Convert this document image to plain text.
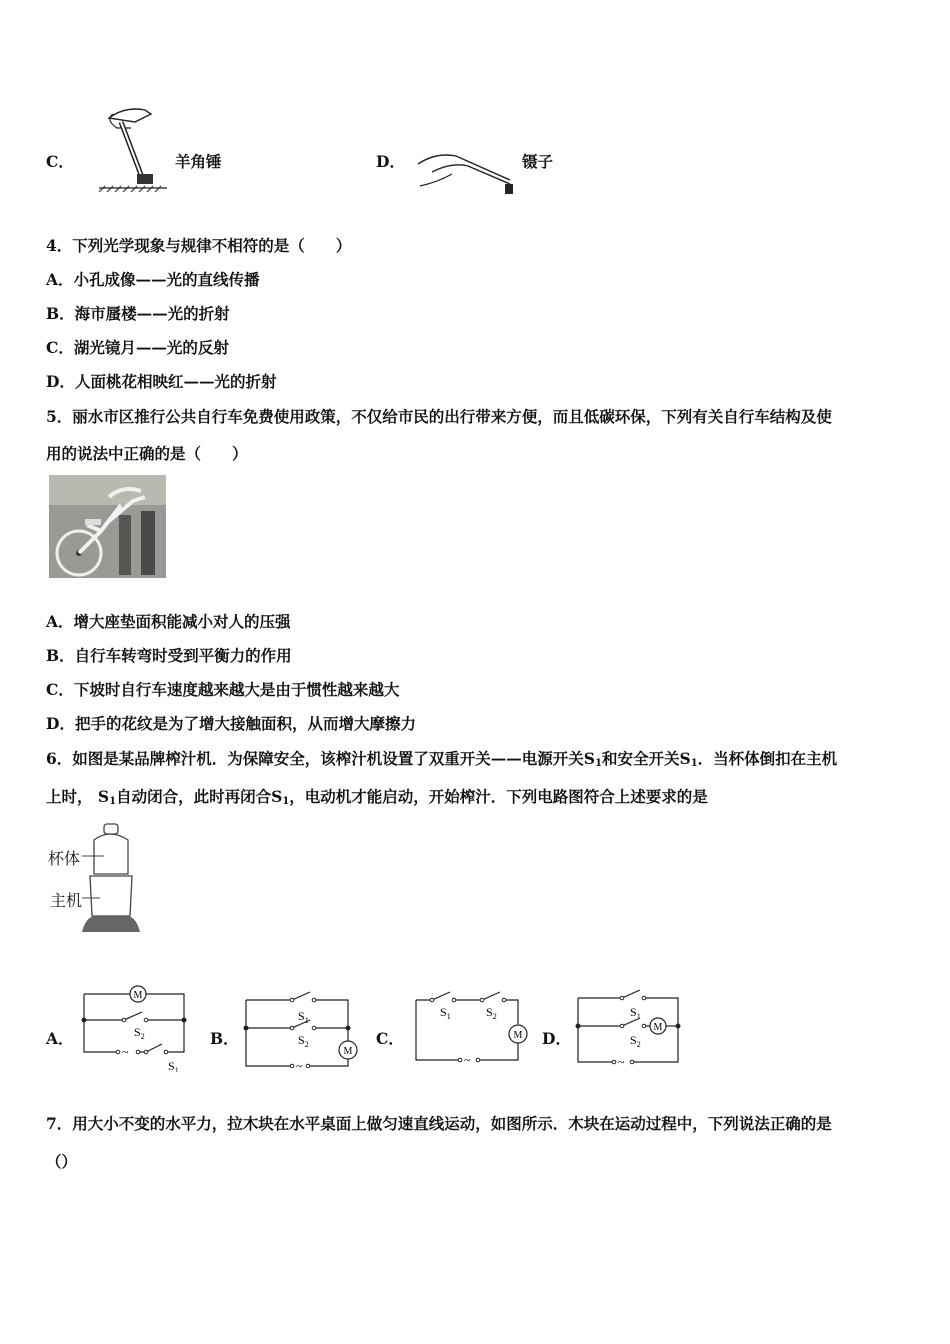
C．	羊角锤	D．	镊子
4．下列光学现象与规律不相符的是（　　）
A．小孔成像——光的直线传播
B．海市蜃楼——光的折射
C．湖光镜月——光的反射
D．人面桃花相映红——光的折射
5．丽水市区推行公共自行车免费使用政策，不仅给市民的出行带来方便，而且低碳环保，下列有关自行车结构及使
用的说法中正确的是（　　）
A．增大座垫面积能减小对人的压强
B．自行车转弯时受到平衡力的作用
C．下坡时自行车速度越来越大是由于惯性越来越大
D．把手的花纹是为了增大接触面积，从而增大摩擦力
6．如图是某品牌榨汁机．为保障安全，该榨汁机设置了双重开关——电源开关$S_1$和安全开关$S_1$．当杯体倒扣在主机
上时， $S_1$自动闭合，此时再闭合$S_1$，电动机才能启动，开始榨汁．下列电路图符合上述要求的是
杯体
主机
A．
M
$S_2$
~
$S_1$
B．
$S_1$
$S_2$
~
M
C．
$S_1$	$S_2$
M
~
D．
$S_1$
$S_2$
M
~
7．用大小不变的水平力，拉木块在水平桌面上做匀速直线运动，如图所示．木块在运动过程中，下列说法正确的是
（）
